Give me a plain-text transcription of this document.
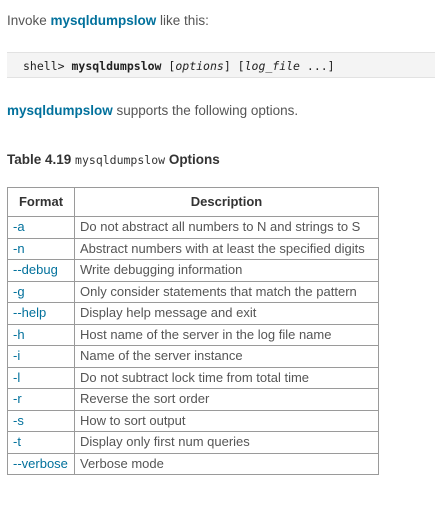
Invoke mysqldumpslow like this:
shell> mysqldumpslow [options] [log_file ...]
mysqldumpslow supports the following options.
Table 4.19 mysqldumpslow Options
Format	Description
-a	Do not abstract all numbers to N and strings to S
-n	Abstract numbers with at least the specified digits
--debug	Write debugging information
-g	Only consider statements that match the pattern
--help	Display help message and exit
-h	Host name of the server in the log file name
-i	Name of the server instance
-l	Do not subtract lock time from total time
-r	Reverse the sort order
-s	How to sort output
-t	Display only first num queries
--verbose	Verbose mode
